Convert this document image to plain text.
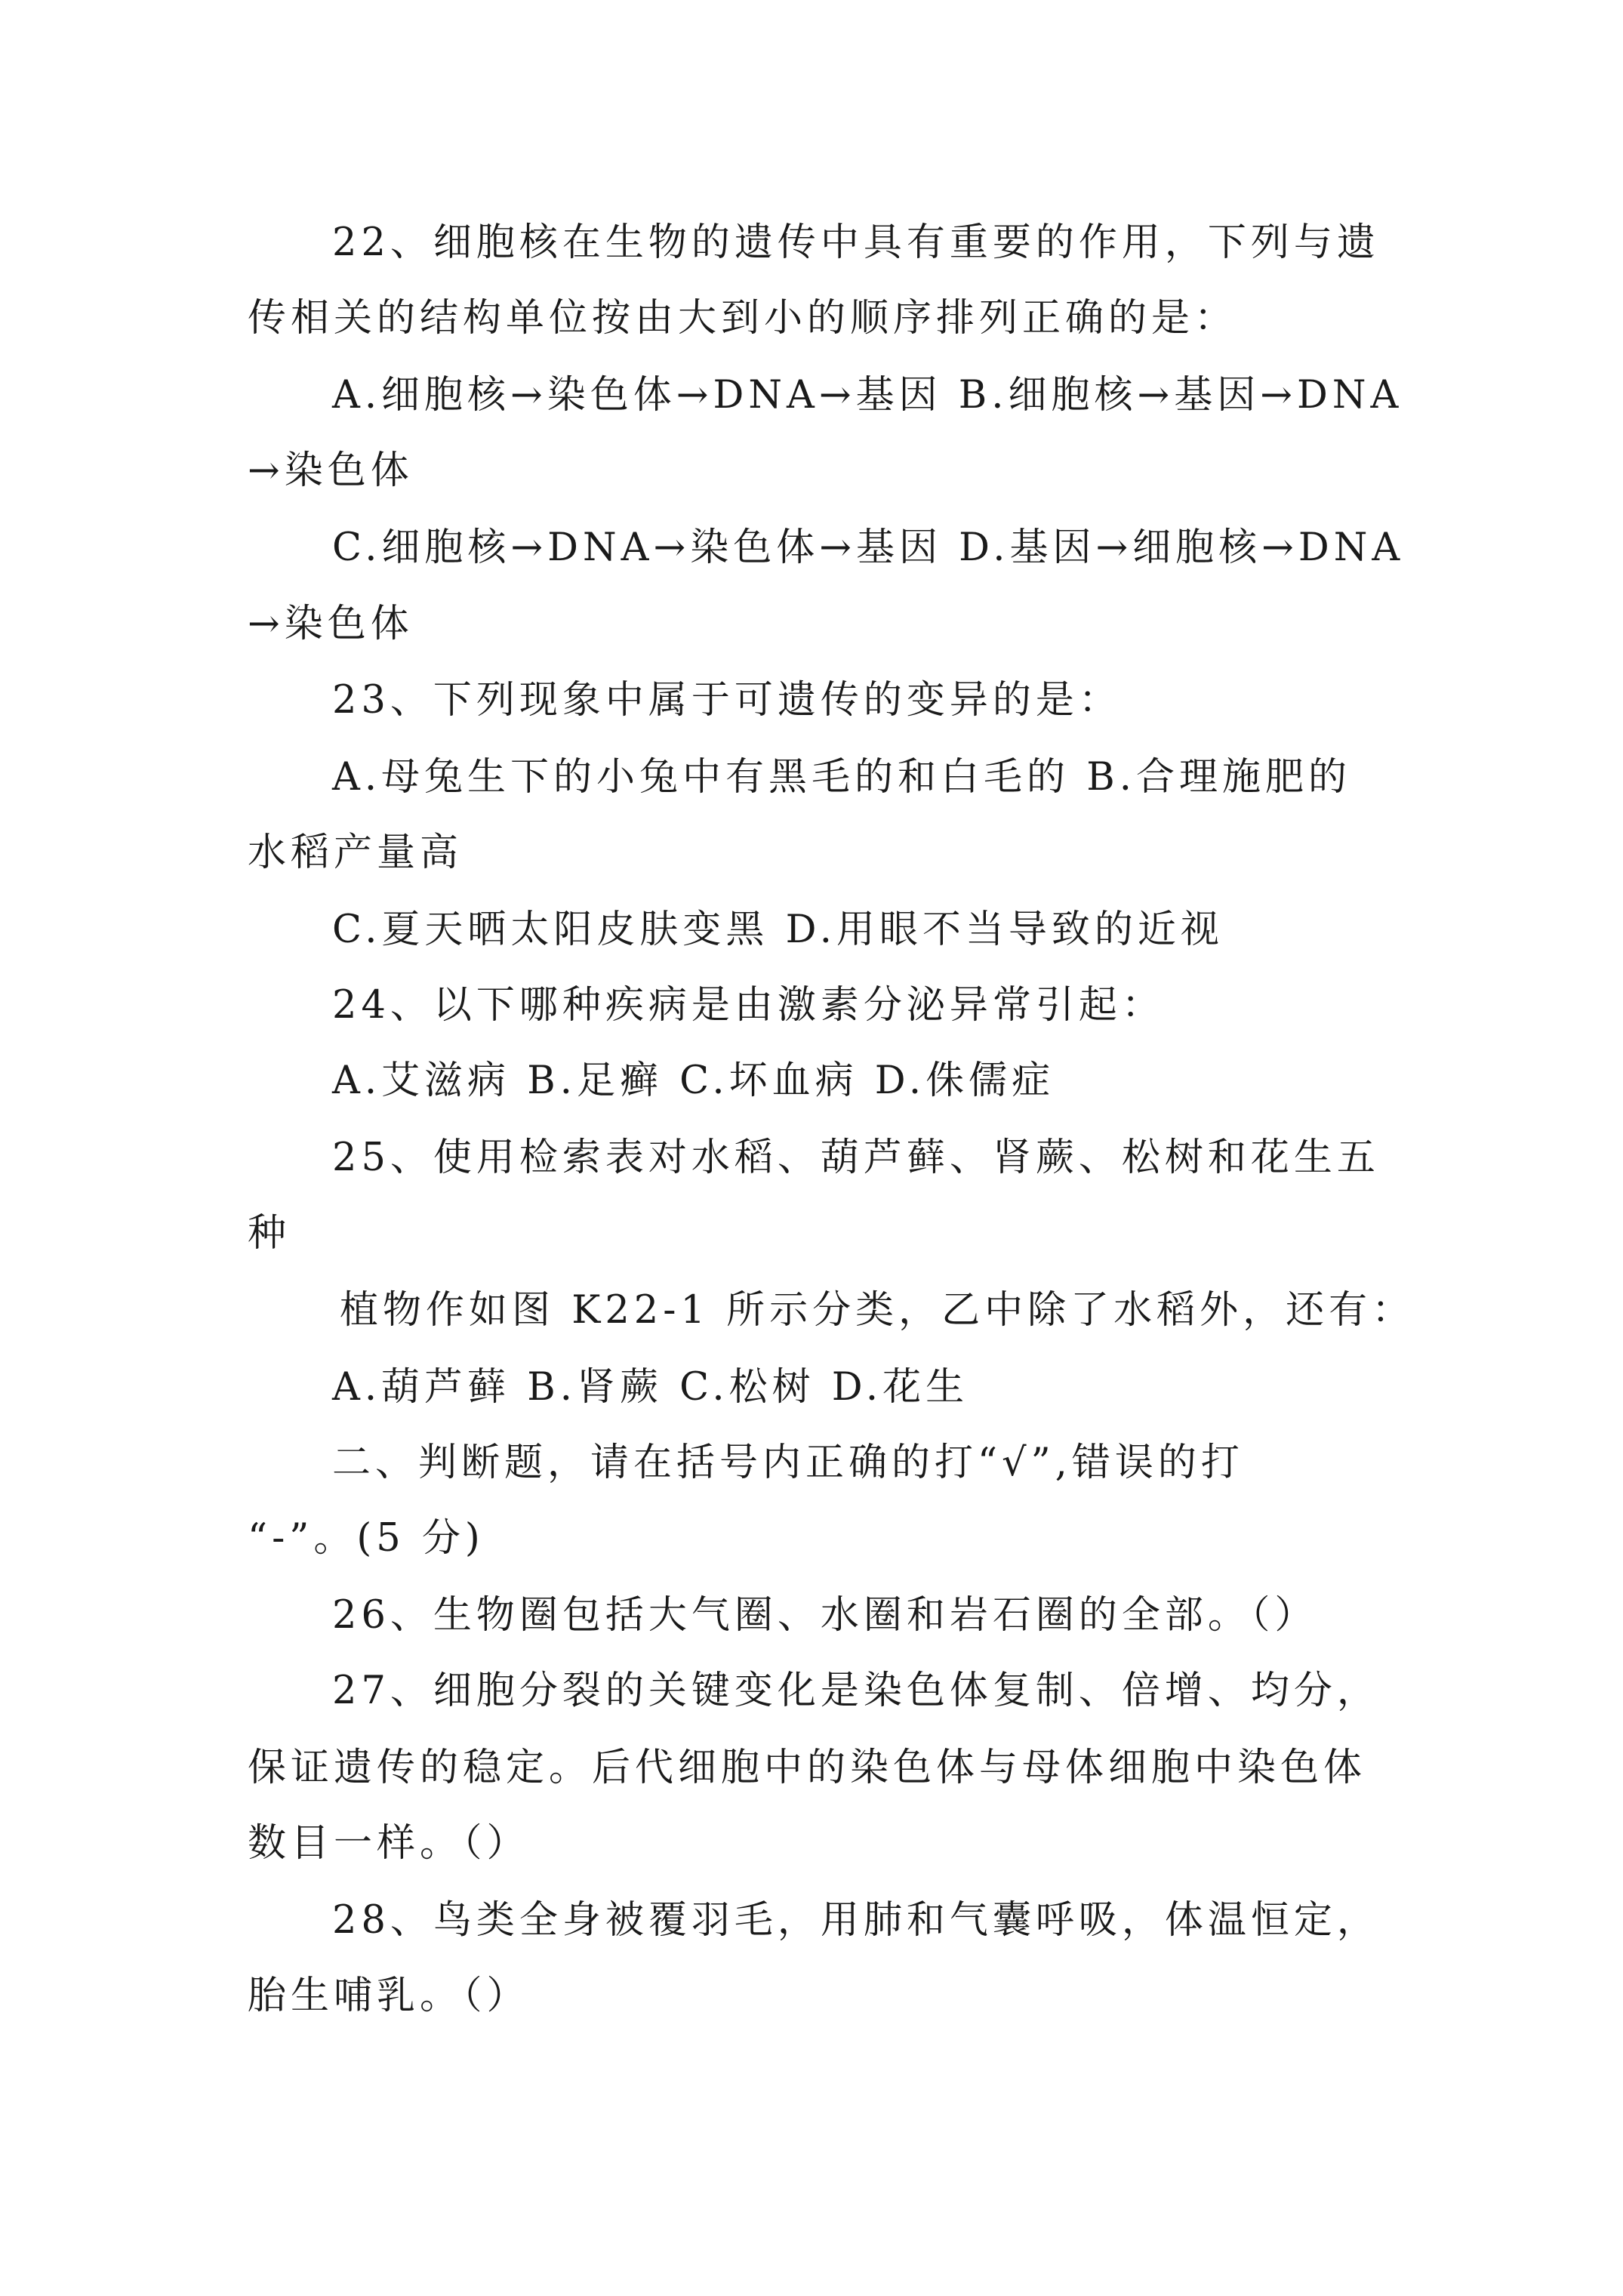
22、细胞核在生物的遗传中具有重要的作用，下列与遗

传相关的结构单位按由大到小的顺序排列正确的是：

A.细胞核→染色体→DNA→基因 B.细胞核→基因→DNA

→染色体

C.细胞核→DNA→染色体→基因 D.基因→细胞核→DNA

→染色体

23、下列现象中属于可遗传的变异的是：

A.母兔生下的小兔中有黑毛的和白毛的 B.合理施肥的

水稻产量高

C.夏天晒太阳皮肤变黑 D.用眼不当导致的近视

24、以下哪种疾病是由激素分泌异常引起：

A.艾滋病 B.足癣 C.坏血病 D.侏儒症

25、使用检索表对水稻、葫芦藓、肾蕨、松树和花生五

种

植物作如图 K22-1 所示分类，乙中除了水稻外，还有：

A.葫芦藓 B.肾蕨 C.松树 D.花生

二、判断题，请在括号内正确的打“√”,错误的打

“-”。(5 分)

26、生物圈包括大气圈、水圈和岩石圈的全部。（）

27、细胞分裂的关键变化是染色体复制、倍增、均分，

保证遗传的稳定。后代细胞中的染色体与母体细胞中染色体

数目一样。（）

28、鸟类全身被覆羽毛，用肺和气囊呼吸，体温恒定，

胎生哺乳。（）
